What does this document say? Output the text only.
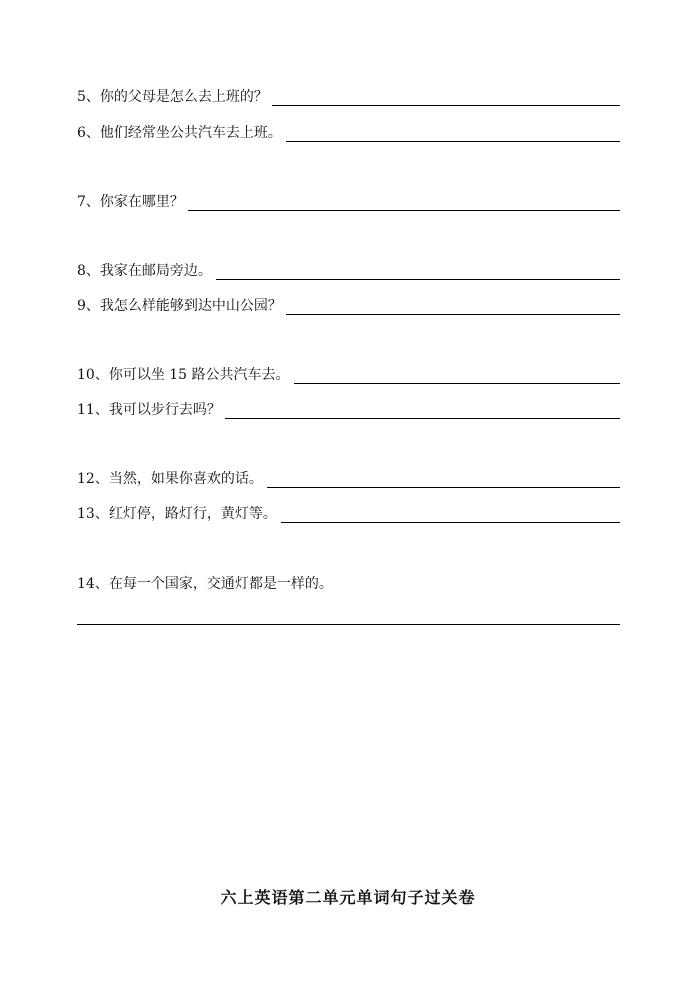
5、你的父母是怎么去上班的？
6、他们经常坐公共汽车去上班。
7、你家在哪里？
8、我家在邮局旁边。
9、我怎么样能够到达中山公园？
10、你可以坐 15 路公共汽车去。
11、我可以步行去吗？
12、当然，如果你喜欢的话。
13、红灯停，路灯行，黄灯等。
14、在每一个国家，交通灯都是一样的。
六上英语第二单元单词句子过关卷
